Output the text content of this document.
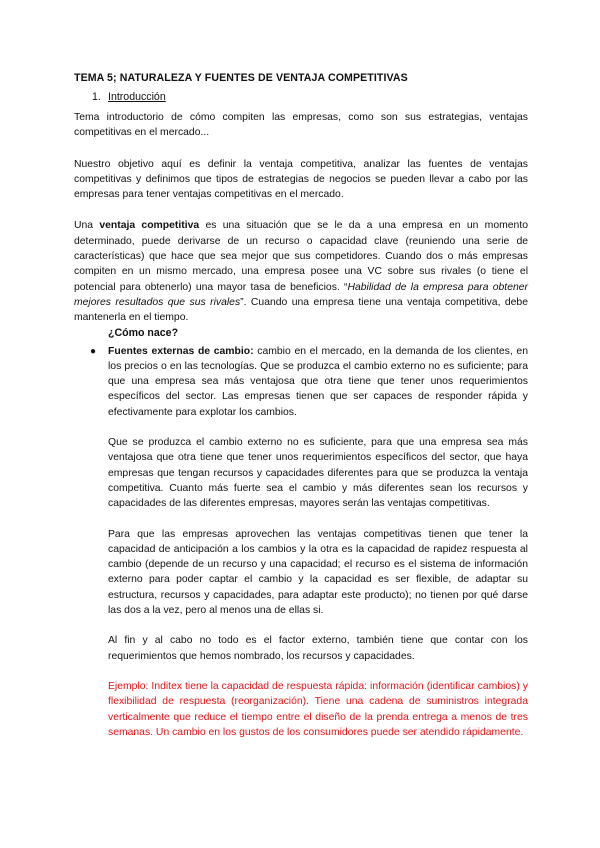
TEMA 5; NATURALEZA Y FUENTES DE VENTAJA COMPETITIVAS

1. Introducción

Tema introductorio de cómo compiten las empresas, como son sus estrategias, ventajas competitivas en el mercado...

Nuestro objetivo aquí es definir la ventaja competitiva, analizar las fuentes de ventajas competitivas y definimos que tipos de estrategias de negocios se pueden llevar a cabo por las empresas para tener ventajas competitivas en el mercado.

Una ventaja competitiva es una situación que se le da a una empresa en un momento determinado, puede derivarse de un recurso o capacidad clave (reuniendo una serie de características) que hace que sea mejor que sus competidores. Cuando dos o más empresas compiten en un mismo mercado, una empresa posee una VC sobre sus rivales (o tiene el potencial para obtenerlo) una mayor tasa de beneficios. “Habilidad de la empresa para obtener mejores resultados que sus rivales”. Cuando una empresa tiene una ventaja competitiva, debe mantenerla en el tiempo.

¿Cómo nace?

● Fuentes externas de cambio: cambio en el mercado, en la demanda de los clientes, en los precios o en las tecnologías. Que se produzca el cambio externo no es suficiente; para que una empresa sea más ventajosa que otra tiene que tener unos requerimientos específicos del sector. Las empresas tienen que ser capaces de responder rápida y efectivamente para explotar los cambios.

Que se produzca el cambio externo no es suficiente, para que una empresa sea más ventajosa que otra tiene que tener unos requerimientos específicos del sector, que haya empresas que tengan recursos y capacidades diferentes para que se produzca la ventaja competitiva. Cuanto más fuerte sea el cambio y más diferentes sean los recursos y capacidades de las diferentes empresas, mayores serán las ventajas competitivas.

Para que las empresas aprovechen las ventajas competitivas tienen que tener la capacidad de anticipación a los cambios y la otra es la capacidad de rapidez respuesta al cambio (depende de un recurso y una capacidad; el recurso es el sistema de información externo para poder captar el cambio y la capacidad es ser flexible, de adaptar su estructura, recursos y capacidades, para adaptar este producto); no tienen por qué darse las dos a la vez, pero al menos una de ellas si.

Al fin y al cabo no todo es el factor externo, también tiene que contar con los requerimientos que hemos nombrado, los recursos y capacidades.

Ejemplo: Inditex tiene la capacidad de respuesta rápida: información (identificar cambios) y flexibilidad de respuesta (reorganización). Tiene una cadena de suministros integrada verticalmente que reduce el tiempo entre el diseño de la prenda entrega a menos de tres semanas. Un cambio en los gustos de los consumidores puede ser atendido rápidamente.
